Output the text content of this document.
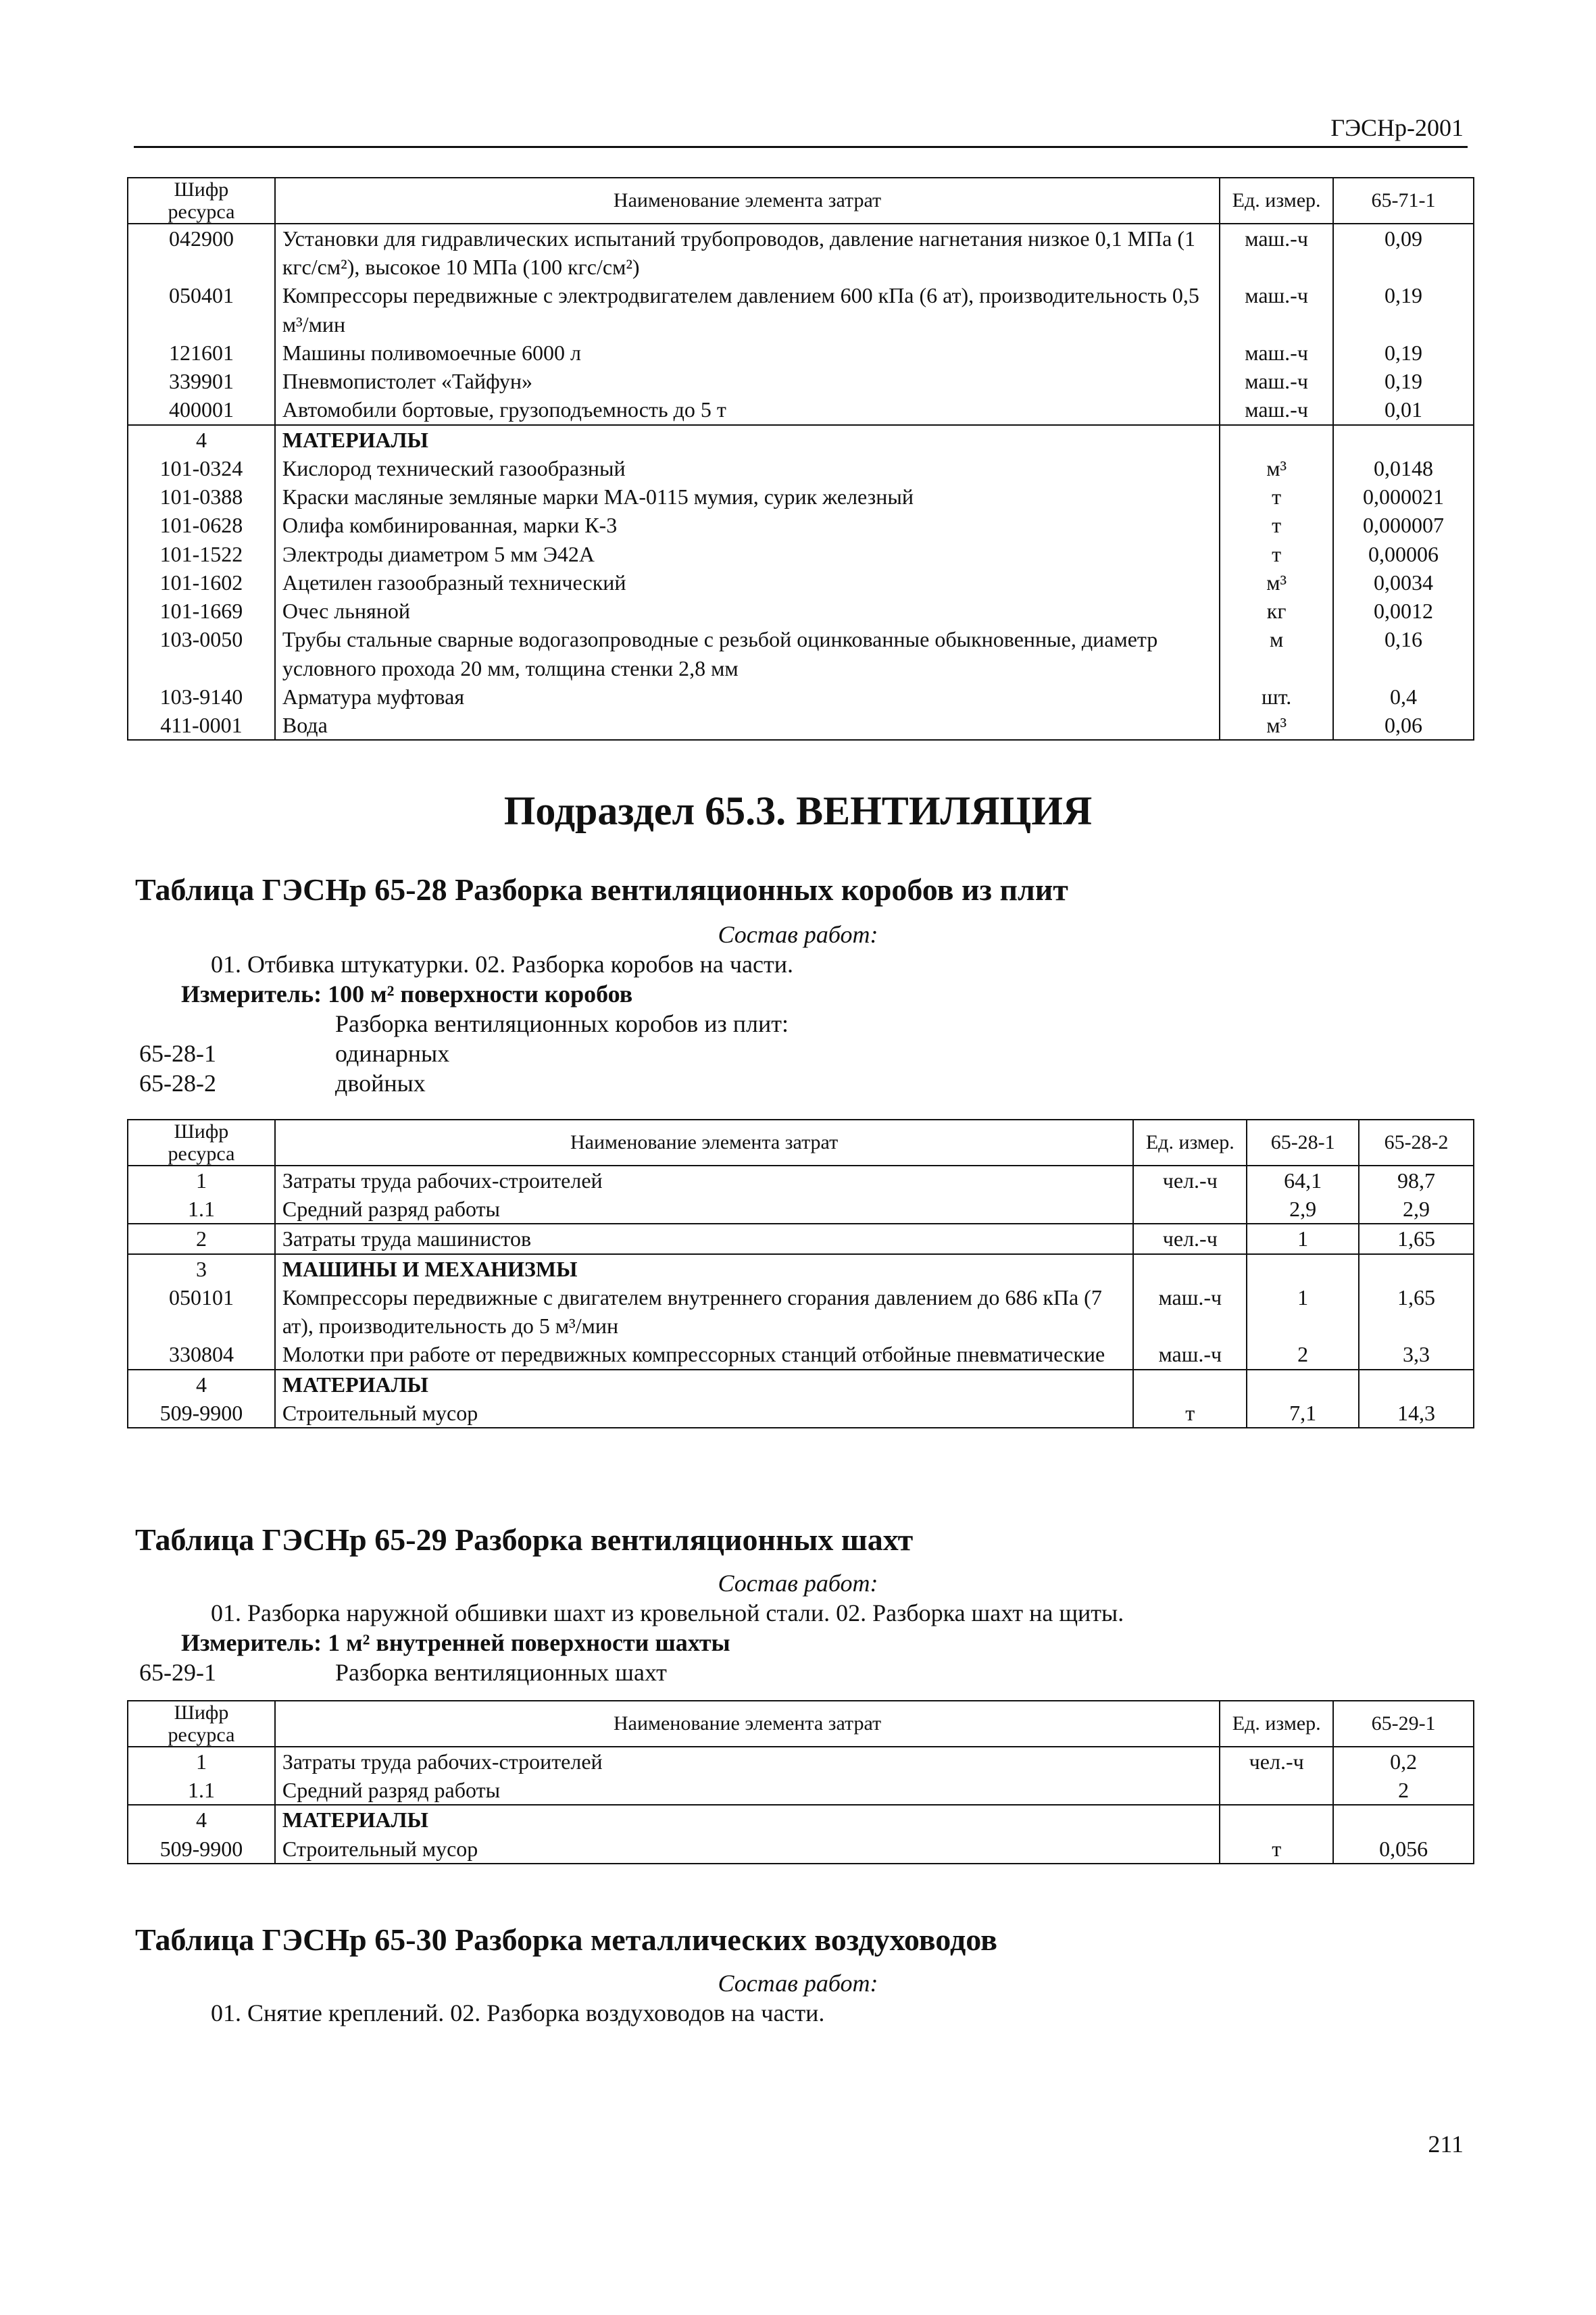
ГЭСНр-2001
Шифр
ресурса	Наименование элемента затрат	Ед. измер.	65-71-1
042900	Установки для гидравлических испытаний трубопроводов, давление нагнетания низкое 0,1 МПа (1 кгс/см²), высокое 10 МПа (100 кгс/см²)	маш.-ч	0,09
050401	Компрессоры передвижные с электродвигателем давлением 600 кПа (6 ат), производительность 0,5 м³/мин	маш.-ч	0,19
121601	Машины поливомоечные 6000 л	маш.-ч	0,19
339901	Пневмопистолет «Тайфун»	маш.-ч	0,19
400001	Автомобили бортовые, грузоподъемность до 5 т	маш.-ч	0,01
4	МАТЕРИАЛЫ		
101-0324	Кислород технический газообразный	м³	0,0148
101-0388	Краски масляные земляные марки МА-0115 мумия, сурик железный	т	0,000021
101-0628	Олифа комбинированная, марки К-3	т	0,000007
101-1522	Электроды диаметром 5 мм Э42А	т	0,00006
101-1602	Ацетилен газообразный технический	м³	0,0034
101-1669	Очес льняной	кг	0,0012
103-0050	Трубы стальные сварные водогазопроводные с резьбой оцинкованные обыкновенные, диаметр условного прохода 20 мм, толщина стенки 2,8 мм	м	0,16
103-9140	Арматура муфтовая	шт.	0,4
411-0001	Вода	м³	0,06
Подраздел 65.3. ВЕНТИЛЯЦИЯ
Таблица ГЭСНр 65-28 Разборка вентиляционных коробов из плит
Состав работ:
01. Отбивка штукатурки. 02. Разборка коробов на части.
Измеритель: 100 м² поверхности коробов
Разборка вентиляционных коробов из плит:
65-28-1	одинарных
65-28-2	двойных
Шифр
ресурса	Наименование элемента затрат	Ед. измер.	65-28-1	65-28-2
1	Затраты труда рабочих-строителей	чел.-ч	64,1	98,7
1.1	Средний разряд работы		2,9	2,9
2	Затраты труда машинистов	чел.-ч	1	1,65
3	МАШИНЫ И МЕХАНИЗМЫ			
050101	Компрессоры передвижные с двигателем внутреннего сгорания давлением до 686 кПа (7 ат), производительность до 5 м³/мин	маш.-ч	1	1,65
330804	Молотки при работе от передвижных компрессорных станций отбойные пневматические	маш.-ч	2	3,3
4	МАТЕРИАЛЫ			
509-9900	Строительный мусор	т	7,1	14,3
Таблица ГЭСНр 65-29 Разборка вентиляционных шахт
Состав работ:
01. Разборка наружной обшивки шахт из кровельной стали. 02. Разборка шахт на щиты.
Измеритель: 1 м² внутренней поверхности шахты
65-29-1	Разборка вентиляционных шахт
Шифр
ресурса	Наименование элемента затрат	Ед. измер.	65-29-1
1	Затраты труда рабочих-строителей	чел.-ч	0,2
1.1	Средний разряд работы		2
4	МАТЕРИАЛЫ		
509-9900	Строительный мусор	т	0,056
Таблица ГЭСНр 65-30 Разборка металлических воздуховодов
Состав работ:
01. Снятие креплений. 02. Разборка воздуховодов на части.
211
